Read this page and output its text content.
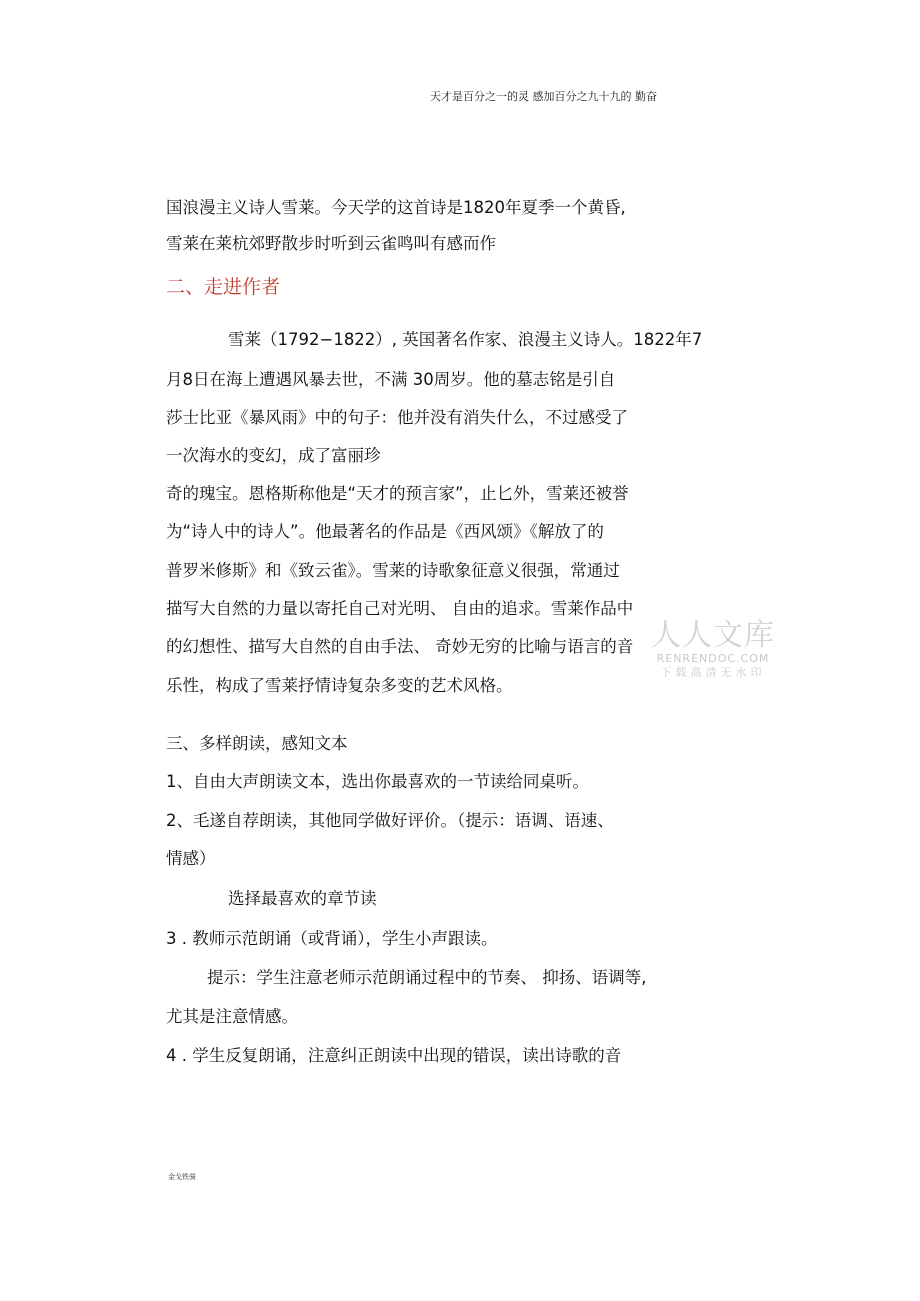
天才是百分之一的灵 感加百分之九十九的 勤奋
国浪漫主义诗人雪莱。今天学的这首诗是1820年夏季一个黄昏,
雪莱在莱杭郊野散步时听到云雀鸣叫有感而作
二、走进作者
雪莱（1792−1822）, 英国著名作家、浪漫主义诗人。1822年7
月8日在海上遭遇风暴去世，不满 30周岁。他的墓志铭是引自
莎士比亚《暴风雨》中的句子：他并没有消失什么，不过感受了
一次海水的变幻，成了富丽珍
奇的瑰宝。恩格斯称他是“天才的预言家”，止匕外，雪莱还被誉
为“诗人中的诗人”。他最著名的作品是《西风颂》《解放了的
普罗米修斯》和《致云雀》。雪莱的诗歌象征意义很强，常通过
描写大自然的力量以寄托自己对光明、 自由的追求。雪莱作品中
的幻想性、描写大自然的自由手法、 奇妙无穷的比喻与语言的音
乐性，构成了雪莱抒情诗复杂多变的艺术风格。
三、多样朗读，感知文本
1、自由大声朗读文本，选出你最喜欢的一节读给同桌听。
2、毛遂自荐朗读，其他同学做好评价。（提示：语调、语速、
情感）
选择最喜欢的章节读
3 . 教师示范朗诵（或背诵），学生小声跟读。
提示：学生注意老师示范朗诵过程中的节奏、 抑扬、语调等,
尤其是注意情感。
4 . 学生反复朗诵，注意纠正朗读中出现的错误，读出诗歌的音
人人文库
RENRENDOC.COM
下载高清无水印
金戈铁骑
